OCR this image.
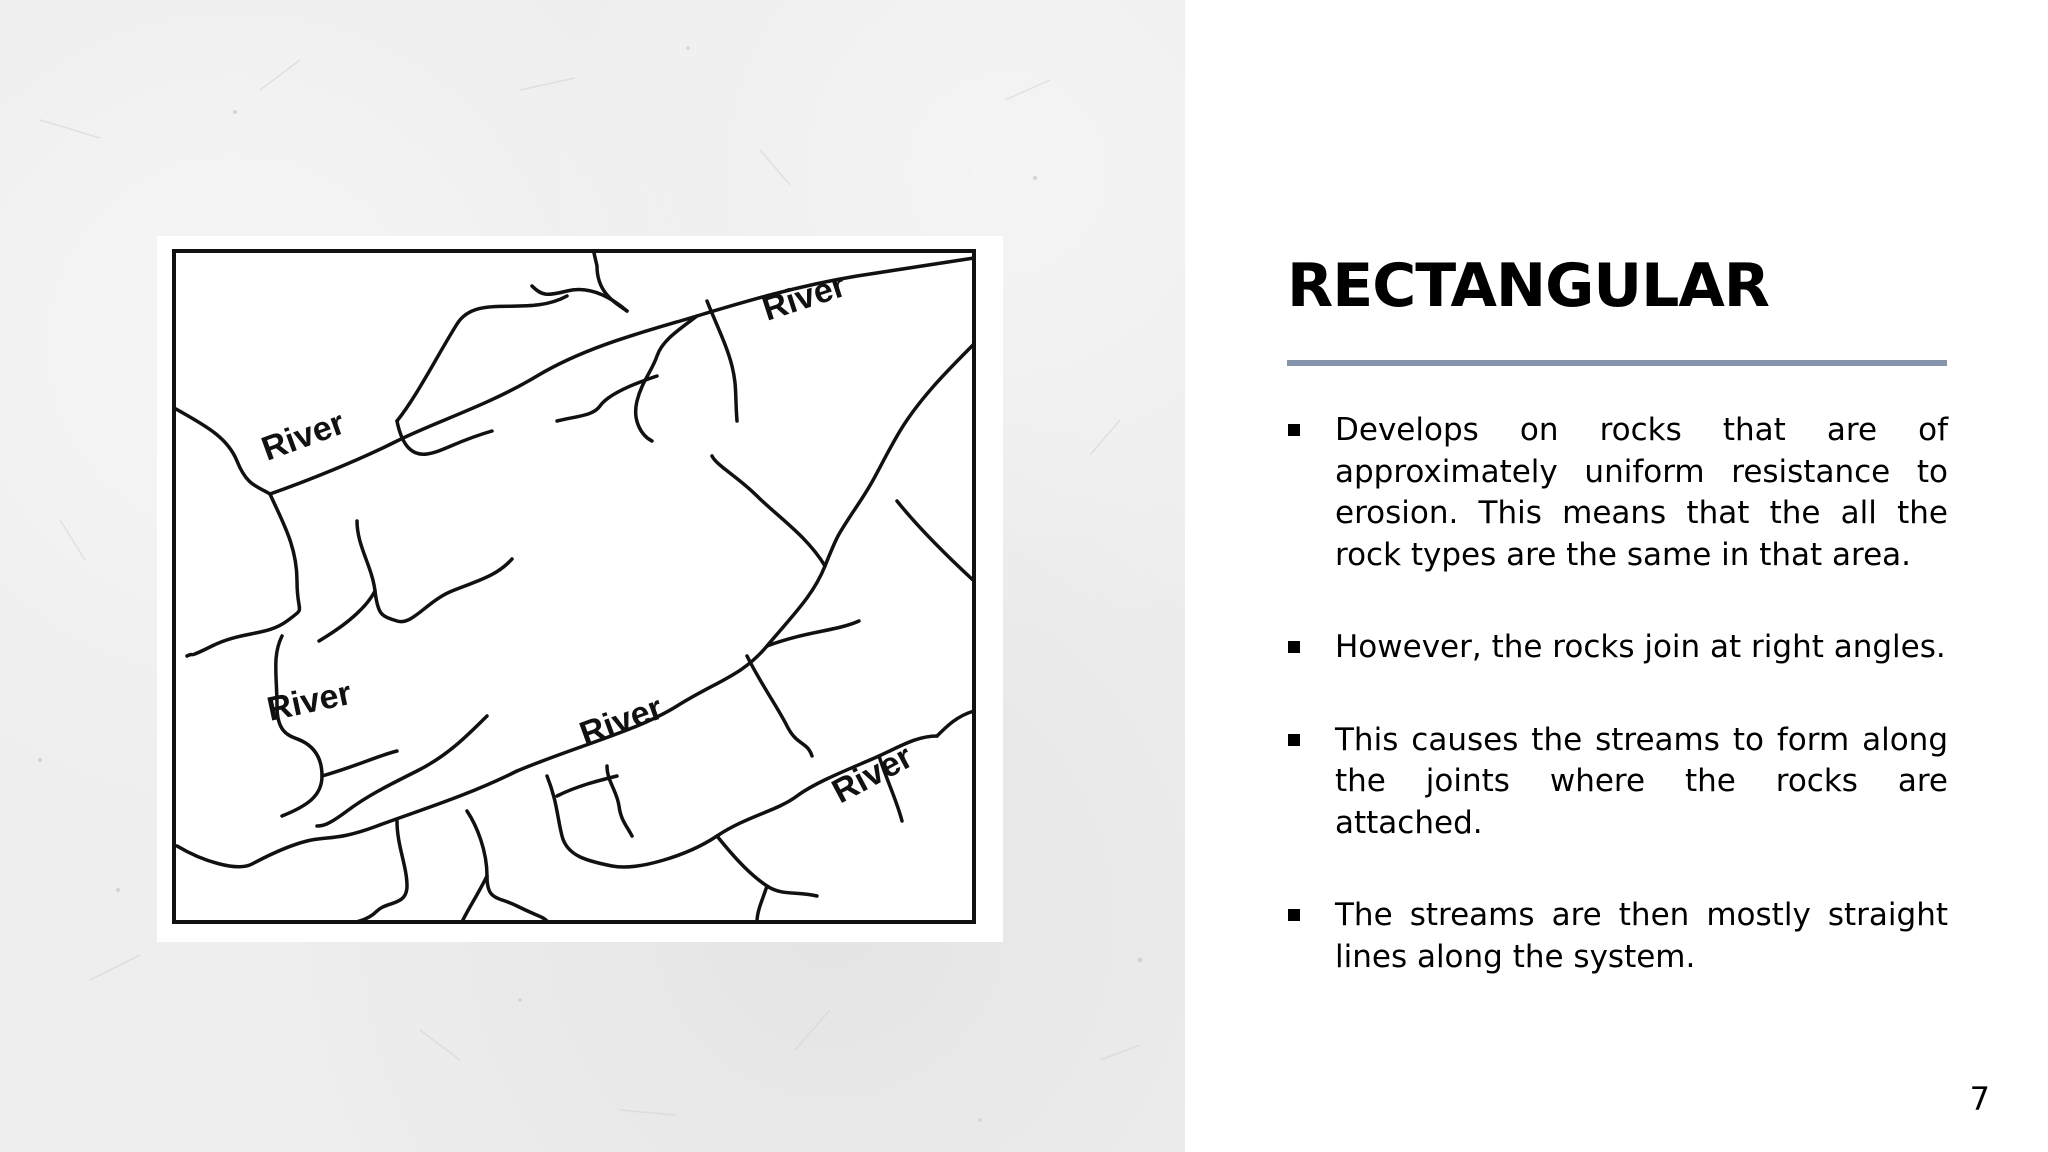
River
River
River	River
River
RECTANGULAR
Develops on rocks that are of approximately uniform resistance to erosion. This means that the all the rock types are the same in that area.
However, the rocks join at right angles.
This causes the streams to form along the joints where the rocks are attached.
The streams are then mostly straight lines along the system.
7
